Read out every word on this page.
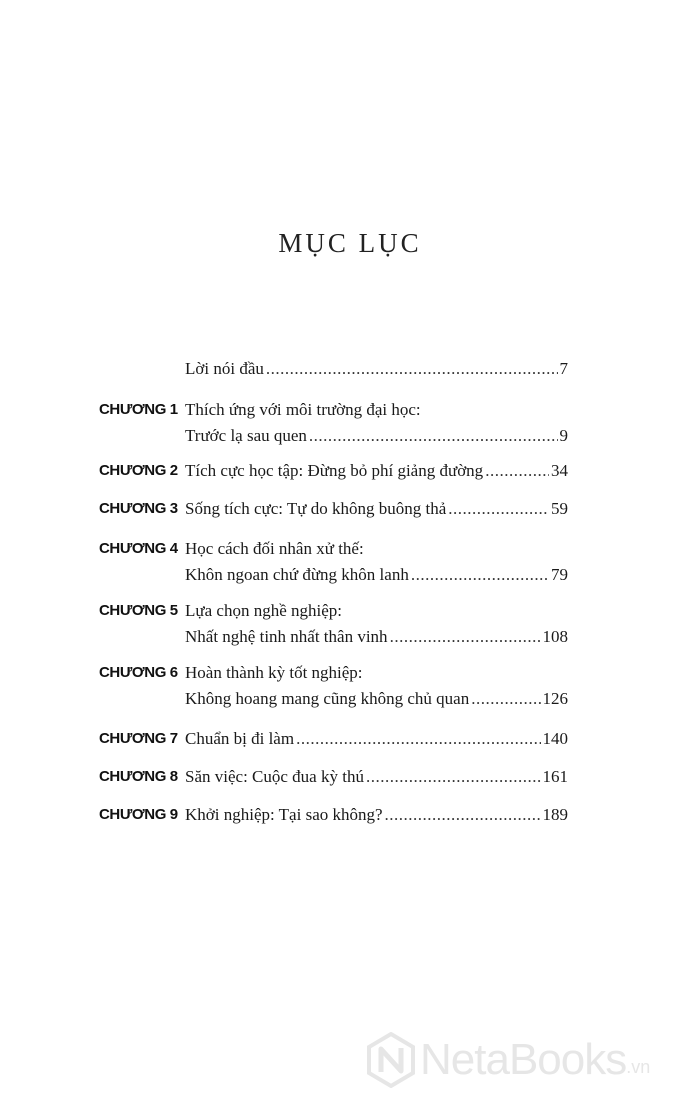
MỤC LỤC
Lời nói đầu .....	7
CHƯƠNG 1 Thích ứng với môi trường đại học:
Trước lạ sau quen .....	9
CHƯƠNG 2 Tích cực học tập: Đừng bỏ phí giảng đường .....	34
CHƯƠNG 3 Sống tích cực: Tự do không buông thả .....	59
CHƯƠNG 4 Học cách đối nhân xử thế:
Khôn ngoan chứ đừng khôn lanh .....	79
CHƯƠNG 5 Lựa chọn nghề nghiệp:
Nhất nghệ tinh nhất thân vinh .....	108
CHƯƠNG 6 Hoàn thành kỳ tốt nghiệp:
Không hoang mang cũng không chủ quan .....	126
CHƯƠNG 7 Chuẩn bị đi làm .....	140
CHƯƠNG 8 Săn việc: Cuộc đua kỳ thú .....	161
CHƯƠNG 9 Khởi nghiệp: Tại sao không? .....	189
NetaBooks .vn
